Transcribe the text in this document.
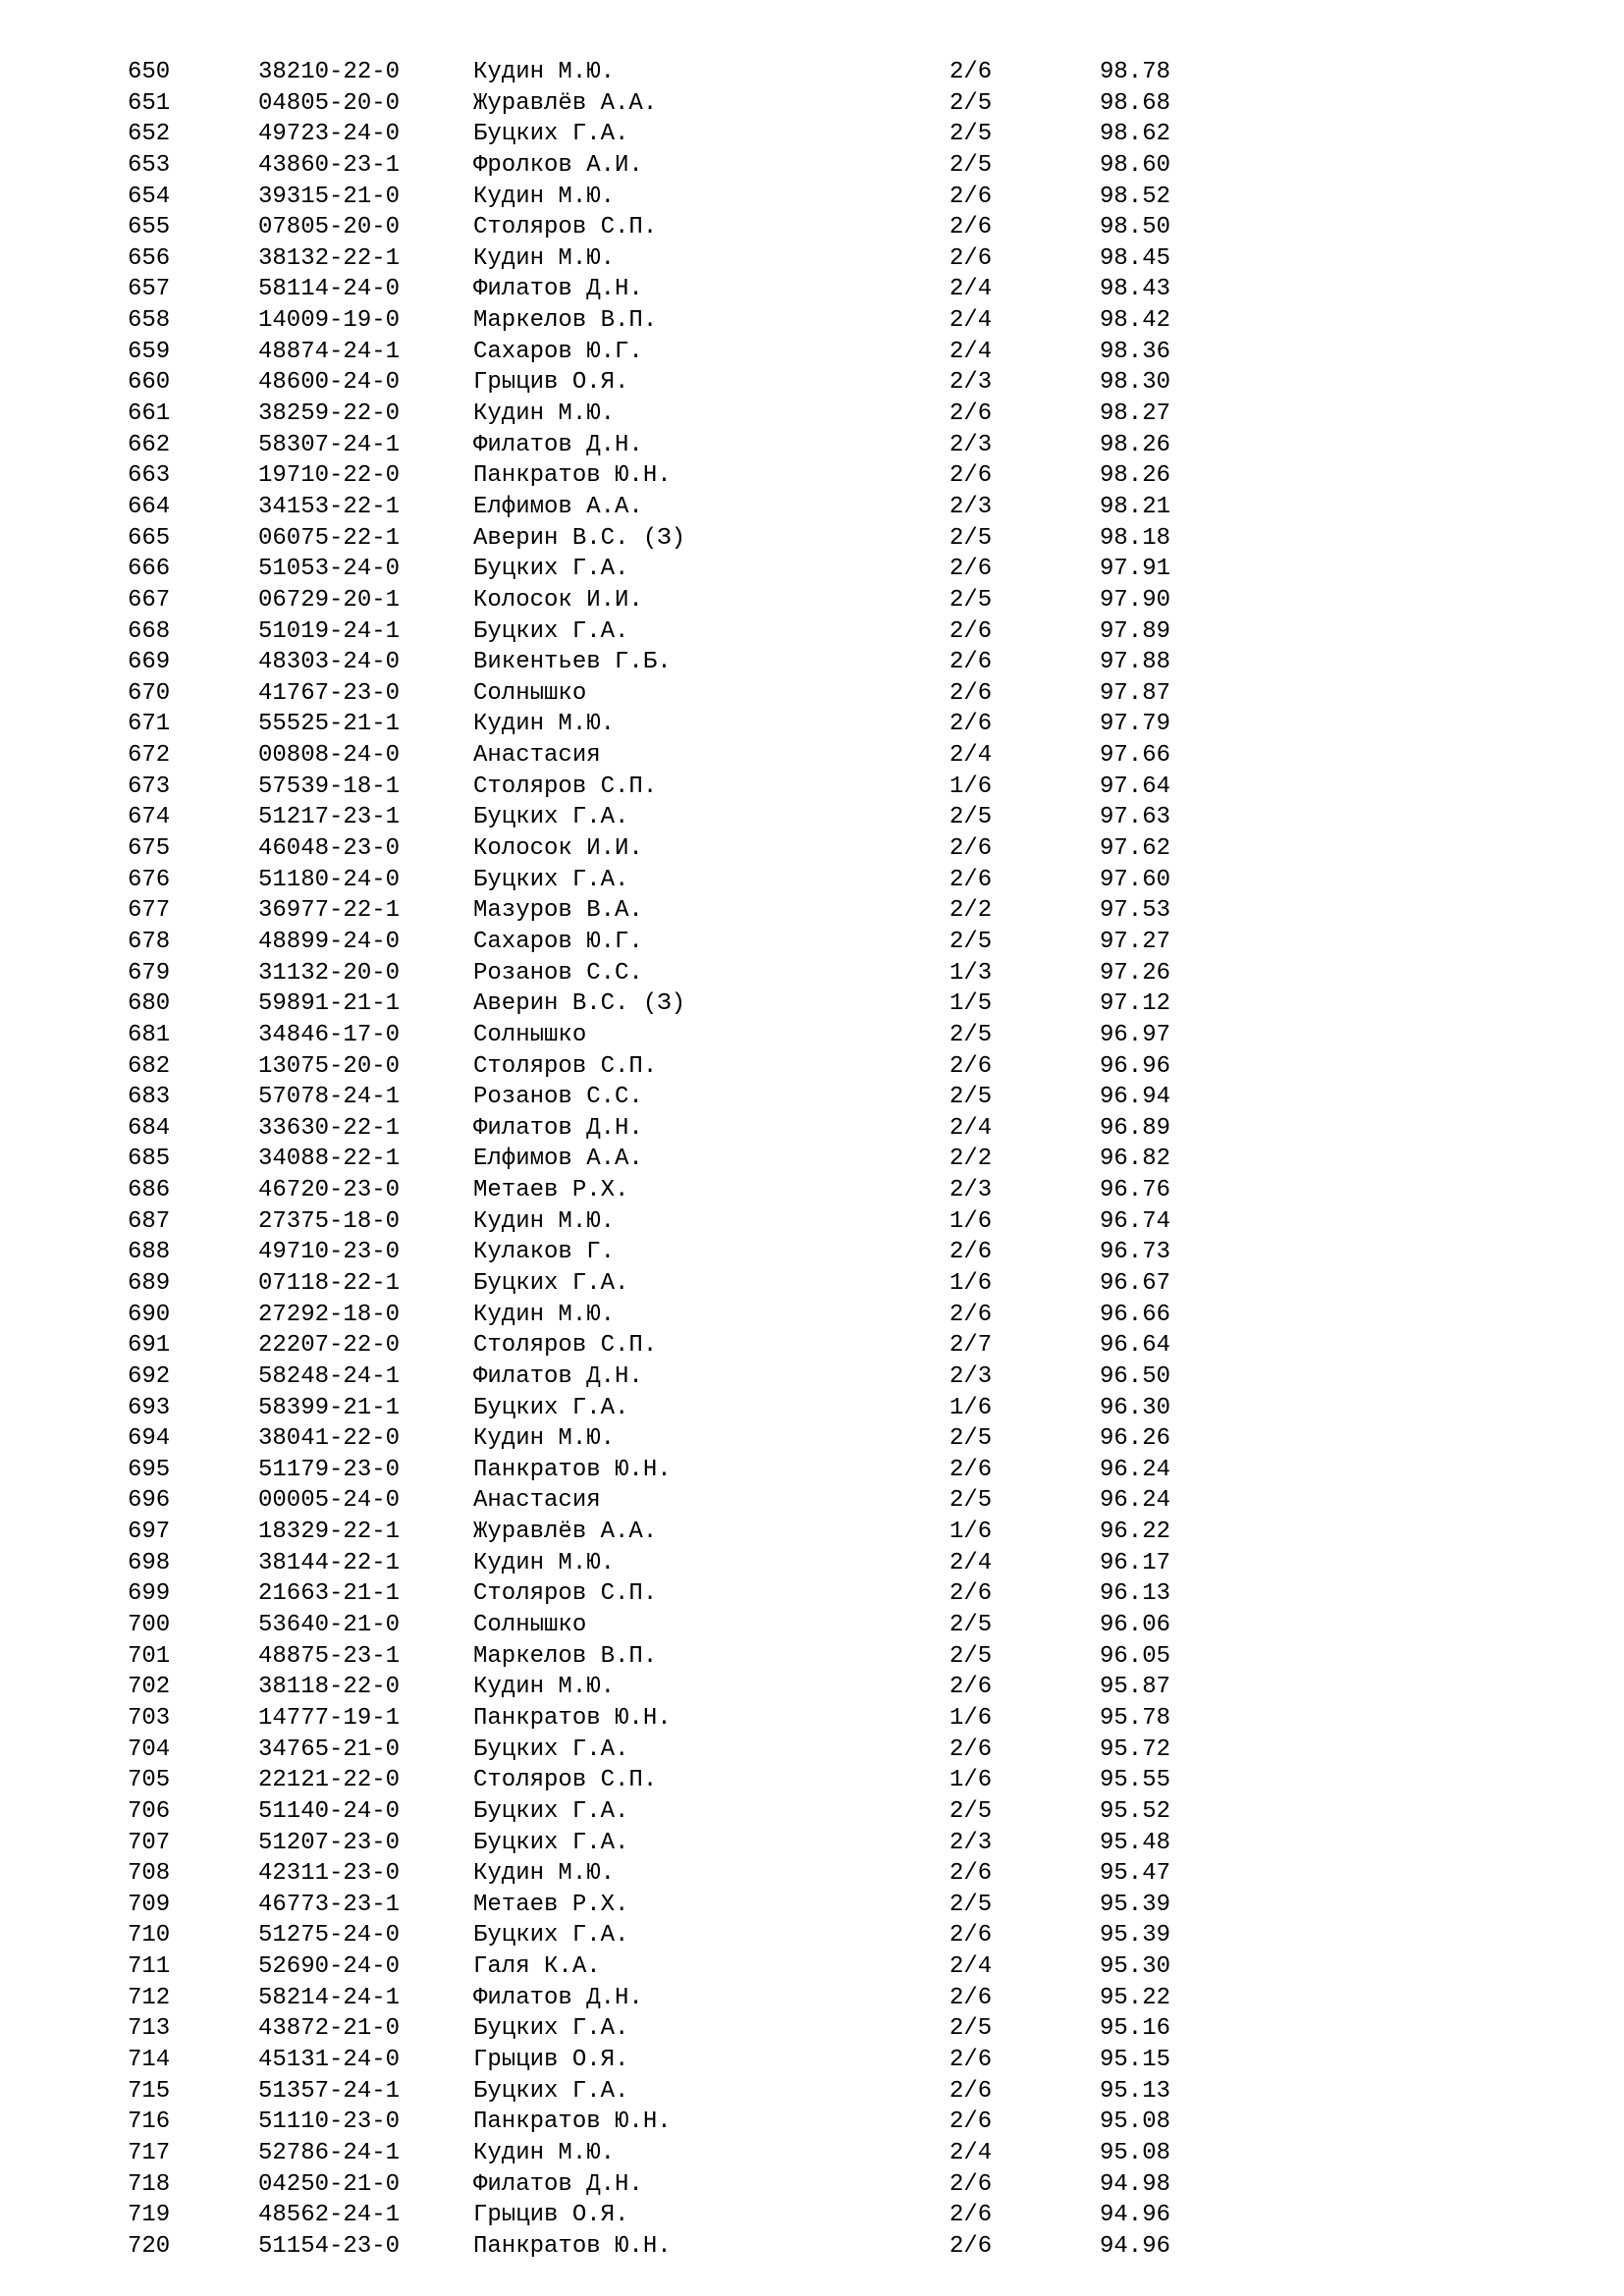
650	38210-22-0	Кудин М.Ю.	2/6	98.78
651	04805-20-0	Журавлёв А.А.	2/5	98.68
652	49723-24-0	Буцких Г.А.	2/5	98.62
653	43860-23-1	Фролков А.И.	2/5	98.60
654	39315-21-0	Кудин М.Ю.	2/6	98.52
655	07805-20-0	Столяров С.П.	2/6	98.50
656	38132-22-1	Кудин М.Ю.	2/6	98.45
657	58114-24-0	Филатов Д.Н.	2/4	98.43
658	14009-19-0	Маркелов В.П.	2/4	98.42
659	48874-24-1	Сахаров Ю.Г.	2/4	98.36
660	48600-24-0	Грыцив О.Я.	2/3	98.30
661	38259-22-0	Кудин М.Ю.	2/6	98.27
662	58307-24-1	Филатов Д.Н.	2/3	98.26
663	19710-22-0	Панкратов Ю.Н.	2/6	98.26
664	34153-22-1	Елфимов А.А.	2/3	98.21
665	06075-22-1	Аверин В.С. (З)	2/5	98.18
666	51053-24-0	Буцких Г.А.	2/6	97.91
667	06729-20-1	Колосок И.И.	2/5	97.90
668	51019-24-1	Буцких Г.А.	2/6	97.89
669	48303-24-0	Викентьев Г.Б.	2/6	97.88
670	41767-23-0	Солнышко	2/6	97.87
671	55525-21-1	Кудин М.Ю.	2/6	97.79
672	00808-24-0	Анастасия	2/4	97.66
673	57539-18-1	Столяров С.П.	1/6	97.64
674	51217-23-1	Буцких Г.А.	2/5	97.63
675	46048-23-0	Колосок И.И.	2/6	97.62
676	51180-24-0	Буцких Г.А.	2/6	97.60
677	36977-22-1	Мазуров В.А.	2/2	97.53
678	48899-24-0	Сахаров Ю.Г.	2/5	97.27
679	31132-20-0	Розанов С.С.	1/3	97.26
680	59891-21-1	Аверин В.С. (З)	1/5	97.12
681	34846-17-0	Солнышко	2/5	96.97
682	13075-20-0	Столяров С.П.	2/6	96.96
683	57078-24-1	Розанов С.С.	2/5	96.94
684	33630-22-1	Филатов Д.Н.	2/4	96.89
685	34088-22-1	Елфимов А.А.	2/2	96.82
686	46720-23-0	Метаев Р.Х.	2/3	96.76
687	27375-18-0	Кудин М.Ю.	1/6	96.74
688	49710-23-0	Кулаков Г.	2/6	96.73
689	07118-22-1	Буцких Г.А.	1/6	96.67
690	27292-18-0	Кудин М.Ю.	2/6	96.66
691	22207-22-0	Столяров С.П.	2/7	96.64
692	58248-24-1	Филатов Д.Н.	2/3	96.50
693	58399-21-1	Буцких Г.А.	1/6	96.30
694	38041-22-0	Кудин М.Ю.	2/5	96.26
695	51179-23-0	Панкратов Ю.Н.	2/6	96.24
696	00005-24-0	Анастасия	2/5	96.24
697	18329-22-1	Журавлёв А.А.	1/6	96.22
698	38144-22-1	Кудин М.Ю.	2/4	96.17
699	21663-21-1	Столяров С.П.	2/6	96.13
700	53640-21-0	Солнышко	2/5	96.06
701	48875-23-1	Маркелов В.П.	2/5	96.05
702	38118-22-0	Кудин М.Ю.	2/6	95.87
703	14777-19-1	Панкратов Ю.Н.	1/6	95.78
704	34765-21-0	Буцких Г.А.	2/6	95.72
705	22121-22-0	Столяров С.П.	1/6	95.55
706	51140-24-0	Буцких Г.А.	2/5	95.52
707	51207-23-0	Буцких Г.А.	2/3	95.48
708	42311-23-0	Кудин М.Ю.	2/6	95.47
709	46773-23-1	Метаев Р.Х.	2/5	95.39
710	51275-24-0	Буцких Г.А.	2/6	95.39
711	52690-24-0	Галя К.А.	2/4	95.30
712	58214-24-1	Филатов Д.Н.	2/6	95.22
713	43872-21-0	Буцких Г.А.	2/5	95.16
714	45131-24-0	Грыцив О.Я.	2/6	95.15
715	51357-24-1	Буцких Г.А.	2/6	95.13
716	51110-23-0	Панкратов Ю.Н.	2/6	95.08
717	52786-24-1	Кудин М.Ю.	2/4	95.08
718	04250-21-0	Филатов Д.Н.	2/6	94.98
719	48562-24-1	Грыцив О.Я.	2/6	94.96
720	51154-23-0	Панкратов Ю.Н.	2/6	94.96
